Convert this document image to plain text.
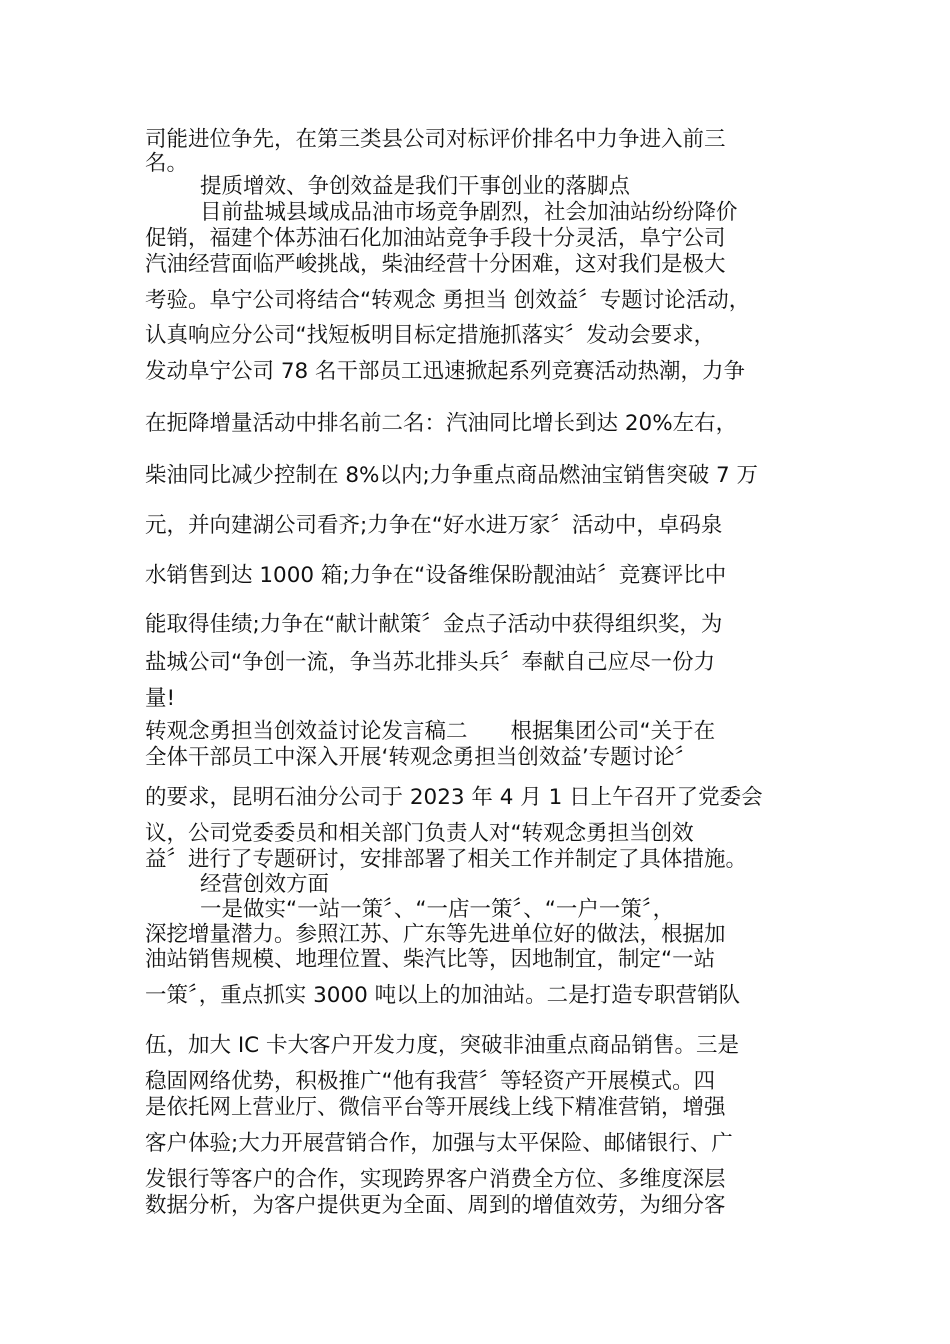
司能进位争先，在第三类县公司对标评价排名中力争进入前三
名。
提质增效、争创效益是我们干事创业的落脚点
目前盐城县域成品油市场竞争剧烈，社会加油站纷纷降价
促销，福建个体苏油石化加油站竞争手段十分灵活，阜宁公司
汽油经营面临严峻挑战，柴油经营十分困难，这对我们是极大
考验。阜宁公司将结合“转观念 勇担当 创效益〞专题讨论活动，
认真响应分公司“找短板明目标定措施抓落实〞发动会要求，
发动阜宁公司 78 名干部员工迅速掀起系列竞赛活动热潮，力争
在扼降增量活动中排名前二名：汽油同比增长到达 20%左右，
柴油同比减少控制在 8%以内;力争重点商品燃油宝销售突破 7 万
元，并向建湖公司看齐;力争在“好水进万家〞活动中，卓码泉
水销售到达 1000 箱;力争在“设备维保盼靓油站〞竞赛评比中
能取得佳绩;力争在“献计献策〞金点子活动中获得组织奖，为
盐城公司“争创一流，争当苏北排头兵〞奉献自己应尽一份力
量!
转观念勇担当创效益讨论发言稿二　　根据集团公司“关于在
全体干部员工中深入开展‘转观念勇担当创效益’专题讨论〞
的要求，昆明石油分公司于 2023 年 4 月 1 日上午召开了党委会
议，公司党委委员和相关部门负责人对“转观念勇担当创效
益〞进行了专题研讨，安排部署了相关工作并制定了具体措施。
经营创效方面
一是做实“一站一策〞、“一店一策〞、“一户一策〞，
深挖增量潜力。参照江苏、广东等先进单位好的做法，根据加
油站销售规模、地理位置、柴汽比等，因地制宜，制定“一站
一策〞，重点抓实 3000 吨以上的加油站。二是打造专职营销队
伍，加大 IC 卡大客户开发力度，突破非油重点商品销售。三是
稳固网络优势，积极推广“他有我营〞等轻资产开展模式。四
是依托网上营业厅、微信平台等开展线上线下精准营销，增强
客户体验;大力开展营销合作，加强与太平保险、邮储银行、广
发银行等客户的合作，实现跨界客户消费全方位、多维度深层
数据分析，为客户提供更为全面、周到的增值效劳，为细分客
